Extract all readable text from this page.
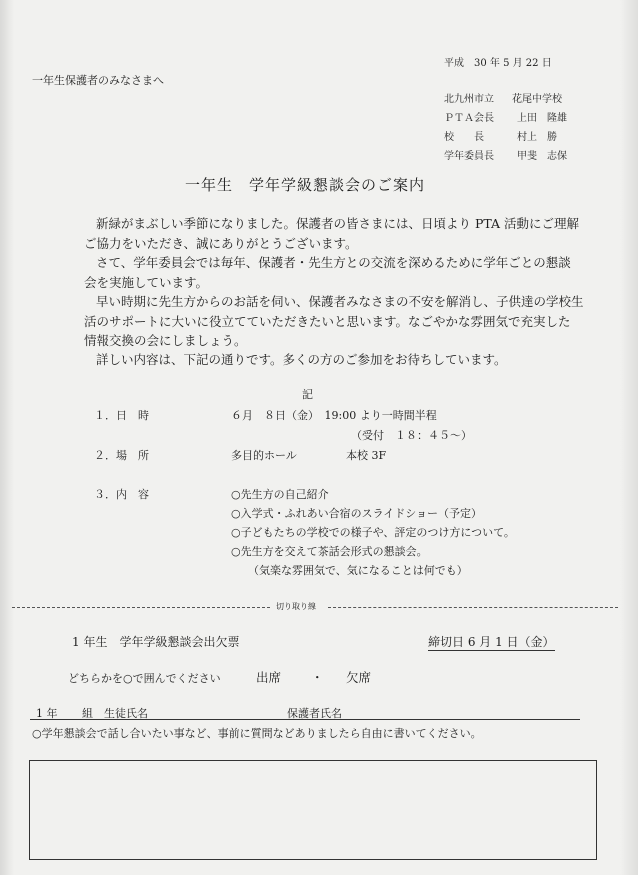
平成　30 年 5 月 22 日
一年生保護者のみなさまへ
北九州市立 花尾中学校
ＰＴＡ会長 上田　隆雄
校　　長	村上　勝
学年委員長 甲斐　志保
一年生　学年学級懇談会のご案内
新緑がまぶしい季節になりました。保護者の皆さまには、日頃より PTA 活動にご理解
ご協力をいただき、誠にありがとうございます。
さて、学年委員会では毎年、保護者・先生方との交流を深めるために学年ごとの懇談
会を実施しています。
早い時期に先生方からのお話を伺い、保護者みなさまの不安を解消し、子供達の学校生
活のサポートに大いに役立てていただきたいと思います。なごやかな雰囲気で充実した
情報交換の会にしましょう。
詳しい内容は、下記の通りです。多くの方のご参加をお待ちしています。
記
１．日　時	６月　８日（金）　19:00 より一時間半程
（受付　１８：４５～）
２．場　所	多目的ホール	本校 3F
３．内　容	○先生方の自己紹介
○入学式・ふれあい合宿のスライドショー（予定）
○子どもたちの学校での様子や、評定のつけ方について。
○先生方を交えて茶話会形式の懇談会。
（気楽な雰囲気で、気になることは何でも）
切り取り線
1 年生　学年学級懇談会出欠票	締切日 6 月 1 日（金）
どちらかを○で囲んでください	出席 ・ 欠席
1 年 組　生徒氏名	保護者氏名
○学年懇談会で話し合いたい事など、事前に質問などありましたら自由に書いてください。
